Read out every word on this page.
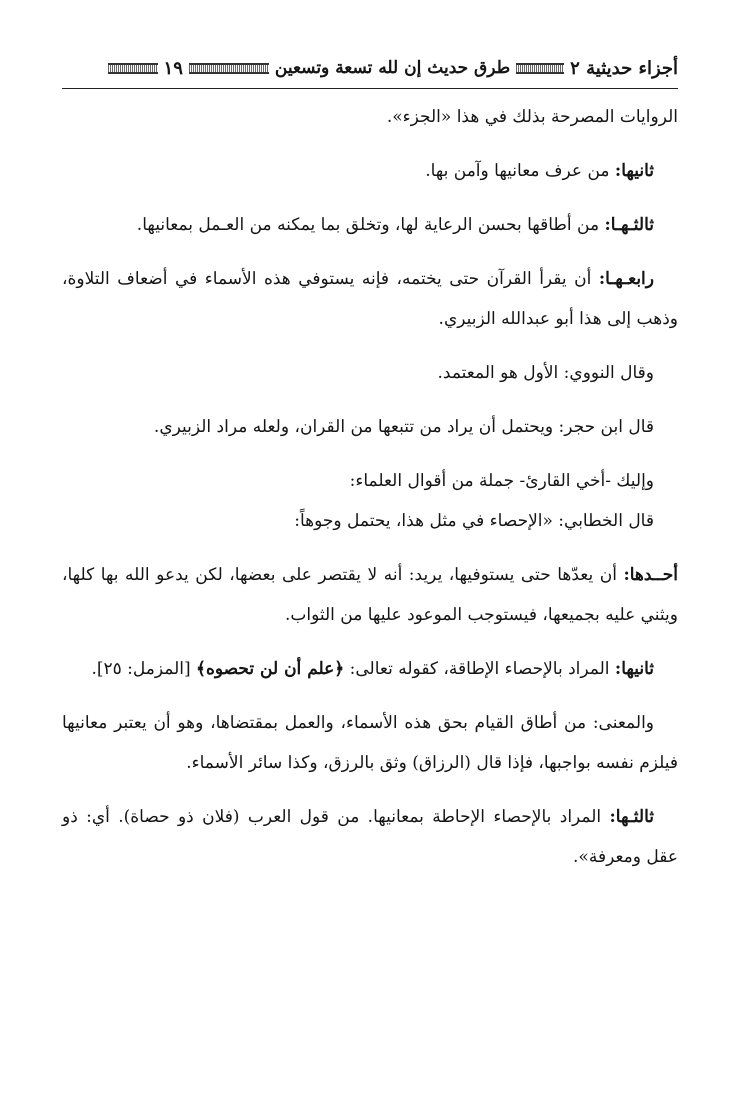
أجزاء حديثية ٢
طرق حديث إن لله تسعة وتسعين
١٩

الروايات المصرحة بذلك في هذا «الجزء».

ثانيها: من عرف معانيها وآمن بها.

ثالثـهـا: من أطاقها بحسن الرعاية لها، وتخلق بما يمكنه من العـمل بمعانيها.

رابعـهـا: أن يقرأ القرآن حتى يختمه، فإنه يستوفي هذه الأسماء في أضعاف التلاوة، وذهب إلى هذا أبو عبدالله الزبيري.

وقال النووي: الأول هو المعتمد.

قال ابن حجر: ويحتمل أن يراد من تتبعها من القران، ولعله مراد الزبيري.

وإليك -أخي القارئ- جملة من أقوال العلماء:

قال الخطابي: «الإحصاء في مثل هذا، يحتمل وجوهاً:

أحــدها: أن يعدّها حتى يستوفيها، يريد: أنه لا يقتصر على بعضها، لكن يدعو الله بها كلها، ويثني عليه بجميعها، فيستوجب الموعود عليها من الثواب.

ثانيها: المراد بالإحصاء الإطاقة، كقوله تعالى: ﴿علم أن لن تحصوه﴾ [المزمل: ٢٥].

والمعنى: من أطاق القيام بحق هذه الأسماء، والعمل بمقتضاها، وهو أن يعتبر معانيها فيلزم نفسه بواجبها، فإذا قال (الرزاق) وثق بالرزق، وكذا سائر الأسماء.

ثالثـها: المراد بالإحصاء الإحاطة بمعانيها. من قول العرب (فلان ذو حصاة). أي: ذو عقل ومعرفة».
